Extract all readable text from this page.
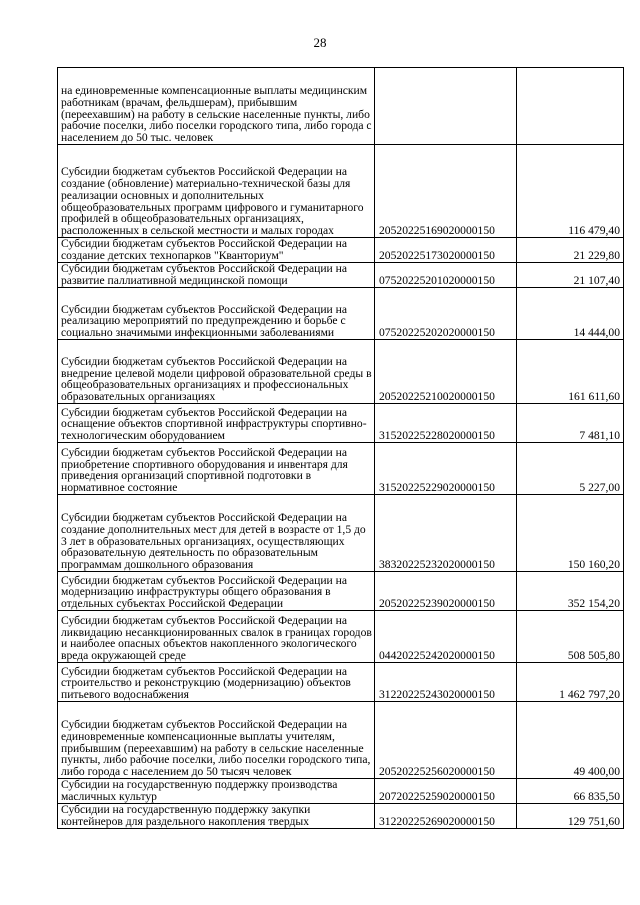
28
на единовременные компенсационные выплаты медицинским работникам (врачам, фельдшерам), прибывшим (переехавшим) на работу в сельские населенные пункты, либо рабочие поселки, либо поселки городского типа, либо города с населением до 50 тыс. человек		

Субсидии бюджетам субъектов Российской Федерации на создание (обновление) материально-технической базы для реализации основных и дополнительных общеобразовательных программ цифрового и гуманитарного профилей в общеобразовательных организациях, расположенных в сельской местности и малых городах	20520225169020000150	116 479,40

Субсидии бюджетам субъектов Российской Федерации на создание детских технопарков "Кванториум"	20520225173020000150	21 229,80

Субсидии бюджетам субъектов Российской Федерации на развитие паллиативной медицинской помощи	07520225201020000150	21 107,40

Субсидии бюджетам субъектов Российской Федерации на реализацию мероприятий по предупреждению и борьбе с социально значимыми инфекционными заболеваниями	07520225202020000150	14 444,00

Субсидии бюджетам субъектов Российской Федерации на внедрение целевой модели цифровой образовательной среды в общеобразовательных организациях и профессиональных образовательных организациях	20520225210020000150	161 611,60

Субсидии бюджетам субъектов Российской Федерации на оснащение объектов спортивной инфраструктуры спортивно-технологическим оборудованием	31520225228020000150	7 481,10

Субсидии бюджетам субъектов Российской Федерации на приобретение спортивного оборудования и инвентаря для приведения организаций спортивной подготовки в нормативное состояние	31520225229020000150	5 227,00

Субсидии бюджетам субъектов Российской Федерации на создание дополнительных мест для детей в возрасте от 1,5 до 3 лет в образовательных организациях, осуществляющих образовательную деятельность по образовательным программам дошкольного образования	38320225232020000150	150 160,20

Субсидии бюджетам субъектов Российской Федерации на модернизацию инфраструктуры общего образования в отдельных субъектах Российской Федерации	20520225239020000150	352 154,20

Субсидии бюджетам субъектов Российской Федерации на ликвидацию несанкционированных свалок в границах городов и наиболее опасных объектов накопленного экологического вреда окружающей среде	04420225242020000150	508 505,80

Субсидии бюджетам субъектов Российской Федерации на строительство и реконструкцию (модернизацию) объектов питьевого водоснабжения	31220225243020000150	1 462 797,20

Субсидии бюджетам субъектов Российской Федерации на единовременные компенсационные выплаты учителям, прибывшим (переехавшим) на работу в сельские населенные пункты, либо рабочие поселки, либо поселки городского типа, либо города с населением до 50 тысяч человек	20520225256020000150	49 400,00

Субсидии на государственную поддержку производства масличных культур	20720225259020000150	66 835,50

Субсидии на государственную поддержку закупки контейнеров для раздельного накопления твердых	31220225269020000150	129 751,60
